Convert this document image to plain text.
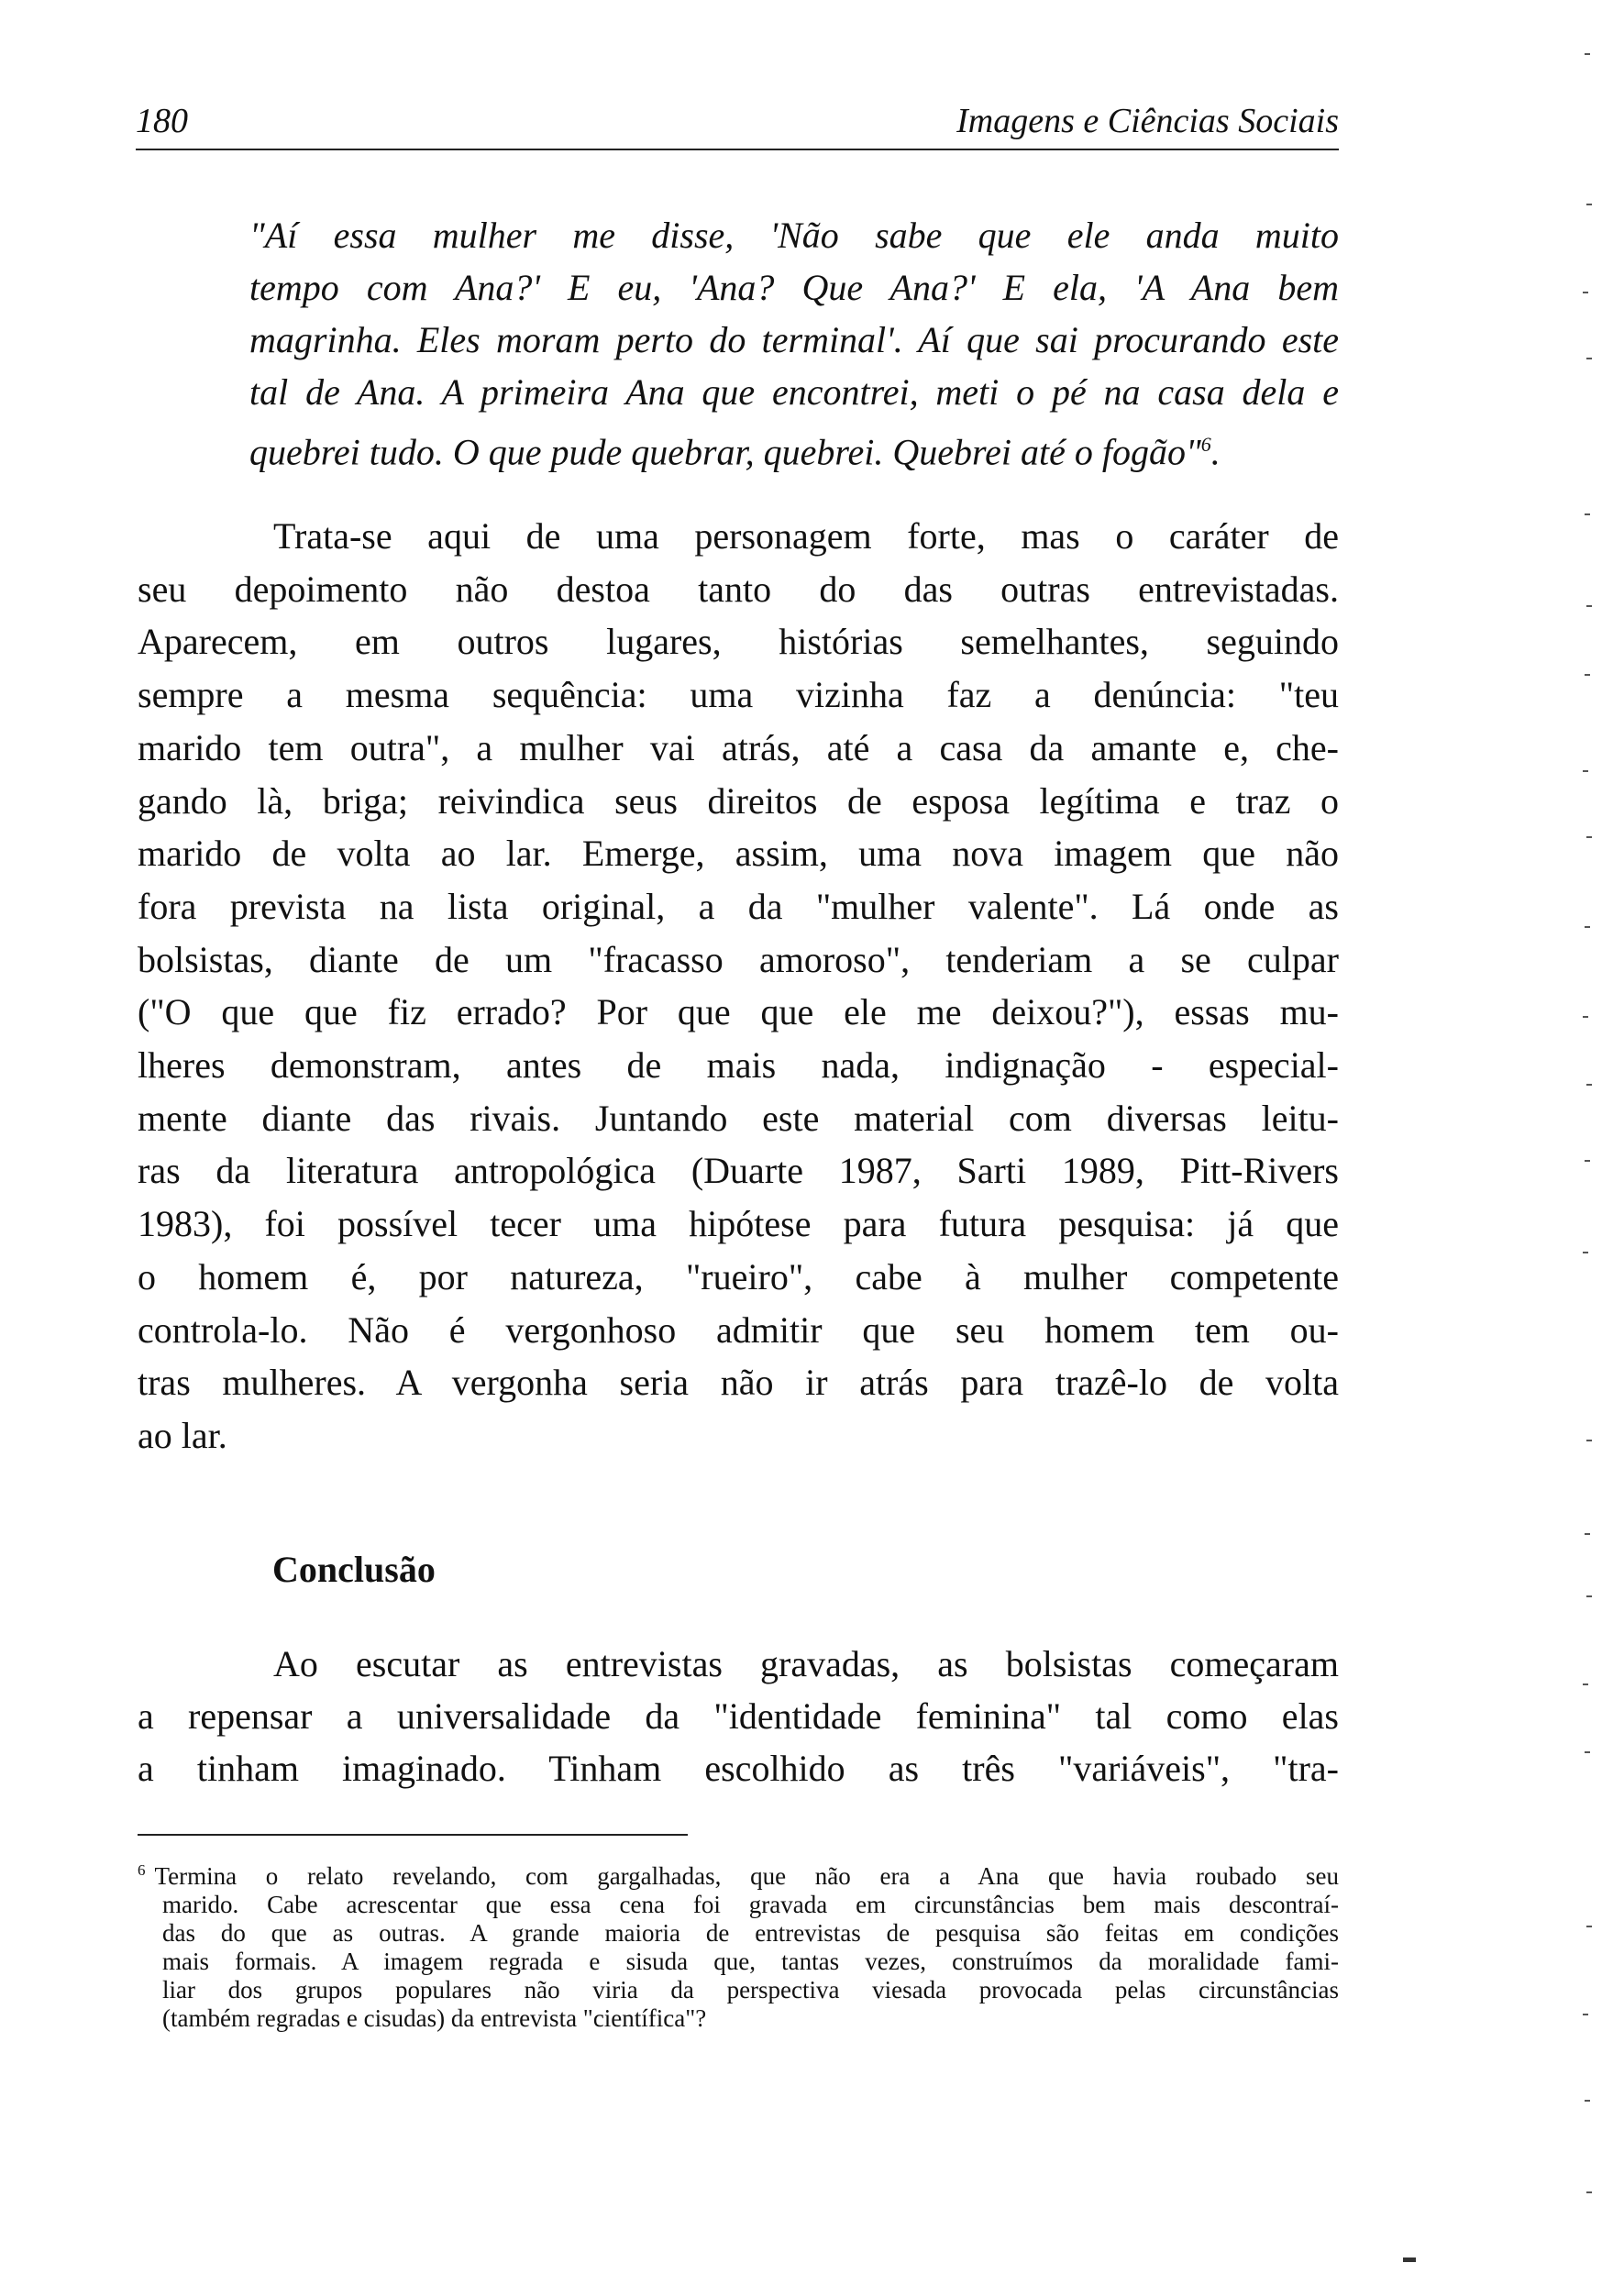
180	Imagens e Ciências Sociais
"Aí essa mulher me disse, 'Não sabe que ele anda muito
tempo com Ana?' E eu, 'Ana? Que Ana?' E ela, 'A Ana bem
magrinha. Eles moram perto do terminal'. Aí que sai procurando este
tal de Ana. A primeira Ana que encontrei, meti o pé na casa dela e
quebrei tudo. O que pude quebrar, quebrei. Quebrei até o fogão"$^6$.
Trata-se aqui de uma personagem forte, mas o caráter de
seu depoimento não destoa tanto do das outras entrevistadas.
Aparecem, em outros lugares, histórias semelhantes, seguindo
sempre a mesma sequência: uma vizinha faz a denúncia: "teu
marido tem outra", a mulher vai atrás, até a casa da amante e, che-
gando là, briga; reivindica seus direitos de esposa legítima e traz o
marido de volta ao lar. Emerge, assim, uma nova imagem que não
fora prevista na lista original, a da "mulher valente". Lá onde as
bolsistas, diante de um "fracasso amoroso", tenderiam a se culpar
("O que que fiz errado? Por que que ele me deixou?"), essas mu-
lheres demonstram, antes de mais nada, indignação - especial-
mente diante das rivais. Juntando este material com diversas leitu-
ras da literatura antropológica (Duarte 1987, Sarti 1989, Pitt-Rivers
1983), foi possível tecer uma hipótese para futura pesquisa: já que
o homem é, por natureza, "rueiro", cabe à mulher competente
controla-lo. Não é vergonhoso admitir que seu homem tem ou-
tras mulheres. A vergonha seria não ir atrás para trazê-lo de volta
ao lar.
Conclusão
Ao escutar as entrevistas gravadas, as bolsistas começaram
a repensar a universalidade da "identidade feminina" tal como elas
a tinham imaginado. Tinham escolhido as três "variáveis", "tra-
$^6$ Termina o relato revelando, com gargalhadas, que não era a Ana que havia roubado seu
marido. Cabe acrescentar que essa cena foi gravada em circunstâncias bem mais descontraí-
das do que as outras. A grande maioria de entrevistas de pesquisa são feitas em condições
mais formais. A imagem regrada e sisuda que, tantas vezes, construímos da moralidade fami-
liar dos grupos populares não viria da perspectiva viesada provocada pelas circunstâncias
(também regradas e cisudas) da entrevista "científica"?
